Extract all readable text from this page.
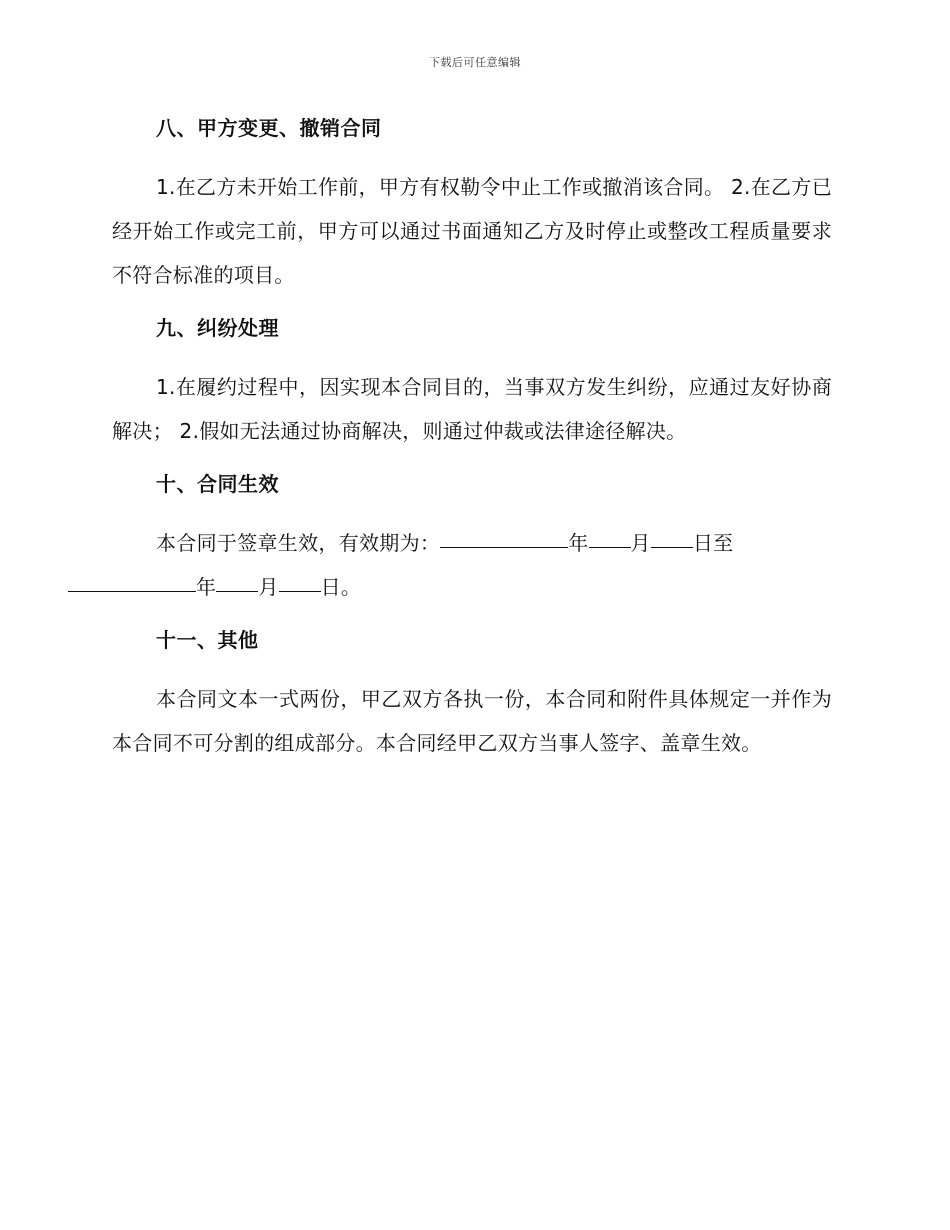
下载后可任意编辑
八、甲方变更、撤销合同

1.在乙方未开始工作前，甲方有权勒令中止工作或撤消该合同。 2.在乙方已经开始工作或完工前，甲方可以通过书面通知乙方及时停止或整改工程质量要求不符合标准的项目。

九、纠纷处理

1.在履约过程中，因实现本合同目的，当事双方发生纠纷，应通过友好协商解决； 2.假如无法通过协商解决，则通过仲裁或法律途径解决。

十、合同生效

本合同于签章生效，有效期为：	年 月 日至
年 月 日。

十一、其他

本合同文本一式两份，甲乙双方各执一份，本合同和附件具体规定一并作为本合同不可分割的组成部分。本合同经甲乙双方当事人签字、盖章生效。
